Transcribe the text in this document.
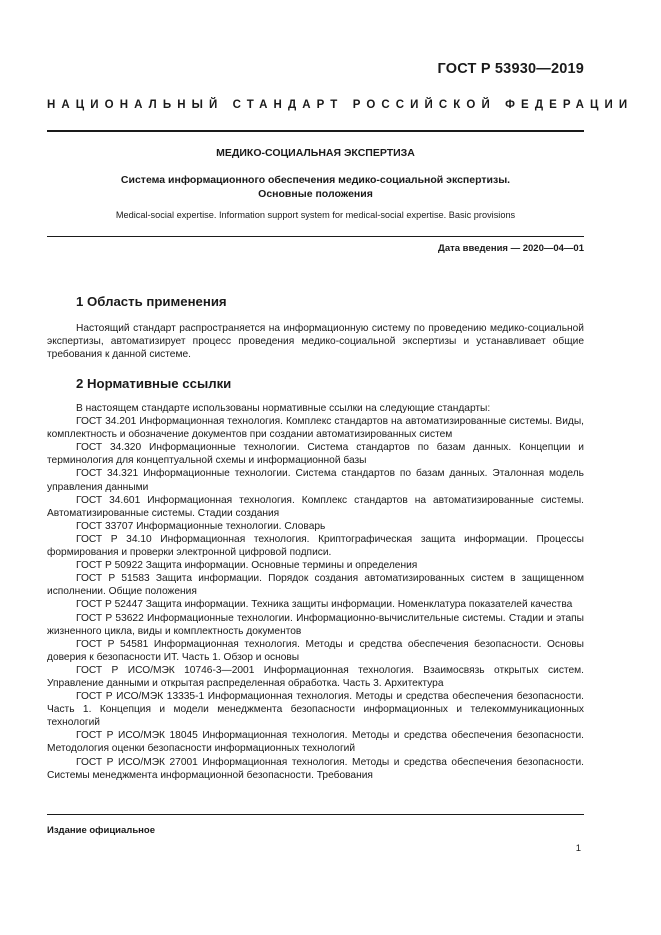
ГОСТ Р 53930—2019
НАЦИОНАЛЬНЫЙ СТАНДАРТ РОССИЙСКОЙ ФЕДЕРАЦИИ
МЕДИКО-СОЦИАЛЬНАЯ ЭКСПЕРТИЗА
Система информационного обеспечения медико-социальной экспертизы.
Основные положения
Medical-social expertise. Information support system for medical-social expertise. Basic provisions
Дата введения — 2020—04—01
1 Область применения

Настоящий стандарт распространяется на информационную систему по проведению медико-социальной экспертизы, автоматизирует процесс проведения медико-социальной экспертизы и устанавливает общие требования к данной системе.

2 Нормативные ссылки

В настоящем стандарте использованы нормативные ссылки на следующие стандарты:

ГОСТ 34.201 Информационная технология. Комплекс стандартов на автоматизированные системы. Виды, комплектность и обозначение документов при создании автоматизированных систем

ГОСТ 34.320 Информационные технологии. Система стандартов по базам данных. Концепции и терминология для концептуальной схемы и информационной базы

ГОСТ 34.321 Информационные технологии. Система стандартов по базам данных. Эталонная модель управления данными

ГОСТ 34.601 Информационная технология. Комплекс стандартов на автоматизированные системы. Автоматизированные системы. Стадии создания

ГОСТ 33707 Информационные технологии. Словарь

ГОСТ Р 34.10 Информационная технология. Криптографическая защита информации. Процессы формирования и проверки электронной цифровой подписи.

ГОСТ Р 50922 Защита информации. Основные термины и определения

ГОСТ Р 51583 Защита информации. Порядок создания автоматизированных систем в защищенном исполнении. Общие положения

ГОСТ Р 52447 Защита информации. Техника защиты информации. Номенклатура показателей качества

ГОСТ Р 53622 Информационные технологии. Информационно-вычислительные системы. Стадии и этапы жизненного цикла, виды и комплектность документов

ГОСТ Р 54581 Информационная технология. Методы и средства обеспечения безопасности. Основы доверия к безопасности ИТ. Часть 1. Обзор и основы

ГОСТ Р ИСО/МЭК 10746-3—2001 Информационная технология. Взаимосвязь открытых систем. Управление данными и открытая распределенная обработка. Часть 3. Архитектура

ГОСТ Р ИСО/МЭК 13335-1 Информационная технология. Методы и средства обеспечения безопасности. Часть 1. Концепция и модели менеджмента безопасности информационных и телекоммуникационных технологий

ГОСТ Р ИСО/МЭК 18045 Информационная технология. Методы и средства обеспечения безопасности. Методология оценки безопасности информационных технологий

ГОСТ Р ИСО/МЭК 27001 Информационная технология. Методы и средства обеспечения безопасности. Системы менеджмента информационной безопасности. Требования

Издание официальное
1
